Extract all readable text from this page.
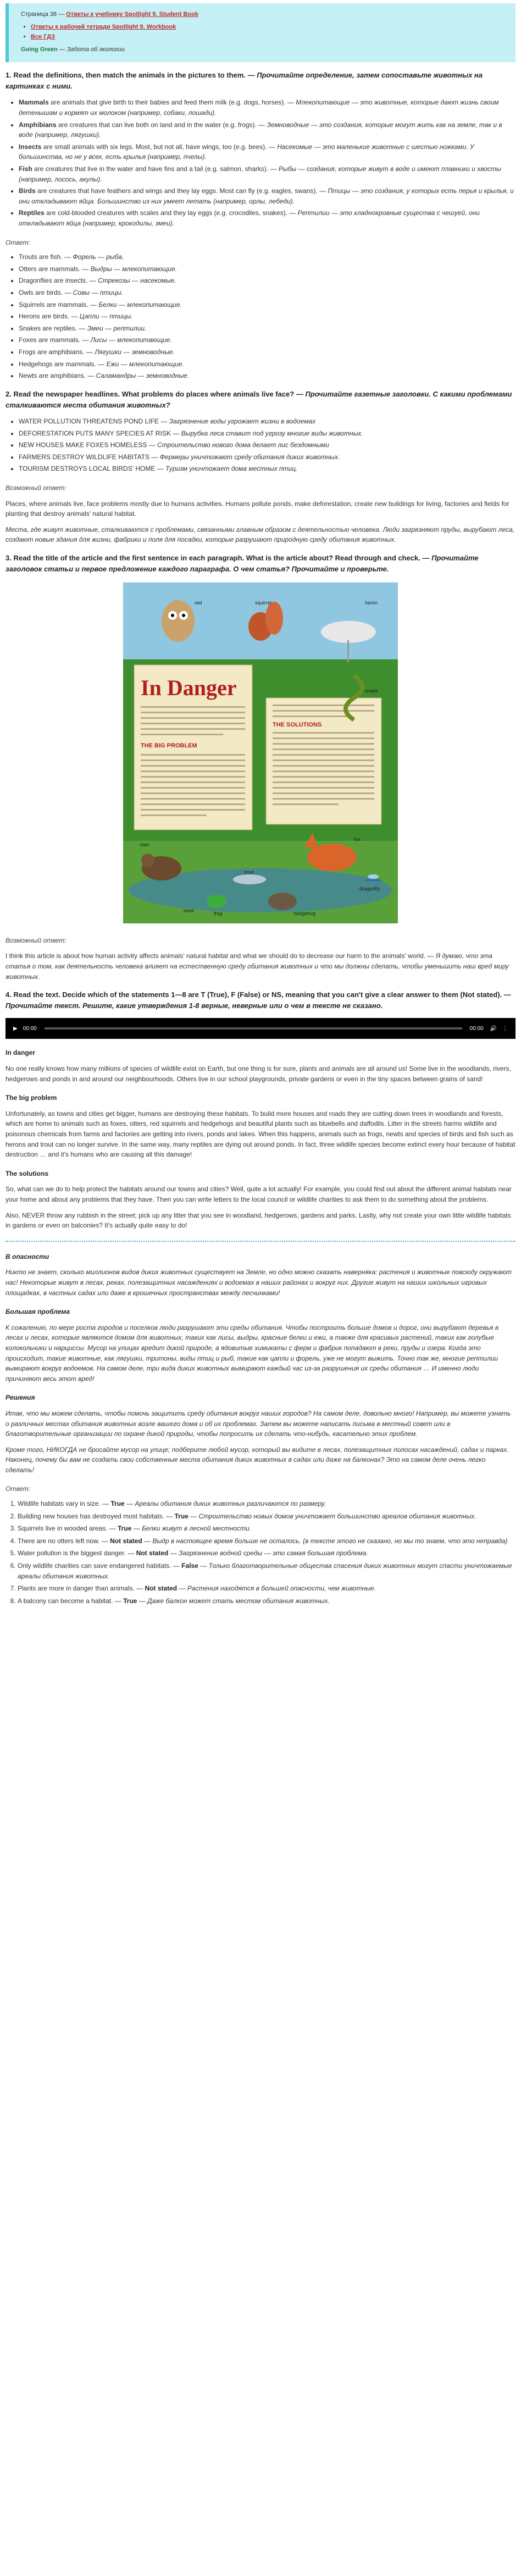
Страница 38 — Ответы к учебнику Spotlight 9. Student Book
• Ответы к рабочей тетради Spotlight 9. Workbook
• Все ГДЗ
Going Green — Забота об экологии
1. Read the definitions, then match the animals in the pictures to them. — Прочитайте определение, затем сопоставьте животных на картинках с ними.
• Mammals are animals that give birth to their babies and feed them milk (e.g. dogs, horses). — Млекопитающие — это животные, которые дают жизнь своим детенышам и кормят их молоком (например, собаки, лошади).
• Amphibians are creatures that can live both on land and in the water (e.g. frogs). — Земноводные — это создания, которые могут жить как на земле, так и в воде (например, лягушки).
• Insects are small animals with six legs. Most, but not all, have wings, too (e.g. bees). — Насекомые — это маленькие животные с шестью ножками. У большинства, но не у всех, есть крылья (например, пчелы).
• Fish are creatures that live in the water and have fins and a tail (e.g. salmon, sharks). — Рыбы — создания, которые живут в воде и имеют плавники и хвосты (например, лосось, акулы).
• Birds are creatures that have feathers and wings and they lay eggs. Most can fly (e.g. eagles, swans). — Птицы — это создания, у которых есть перья и крылья, и они откладывают яйца. Большинство из них умеет летать (например, орлы, лебеди).
• Reptiles are cold-blooded creatures with scales and they lay eggs (e.g. crocodiles, snakes). — Рептилии — это хладнокровные существа с чешуей, они откладывают яйца (например, крокодилы, змеи).
Ответ:
• Trouts are fish. — Форель — рыба.
• Otters are mammals. — Выдры — млекопитающие.
• Dragonflies are insects. — Стрекозы — насекомые.
• Owls are birds. — Совы — птицы.
• Squirrels are mammals. — Белки — млекопитающие.
• Herons are birds. — Цапли — птицы.
• Snakes are reptiles. — Змеи — рептилии.
• Foxes are mammals. — Лисы — млекопитающие.
• Frogs are amphibians. — Лягушки — земноводные.
• Hedgehogs are mammals. — Ежи — млекопитающие.
• Newts are amphibians. — Саламандры — земноводные.
2. Read the newspaper headlines. What problems do places where animals live face? — Прочитайте газетные заголовки. С какими проблемами сталкиваются места обитания животных?
• WATER POLLUTION THREATENS POND LIFE — Загрязнение воды угрожает жизни в водоемах
• DEFORESTATION PUTS MANY SPECIES AT RISK — Вырубка леса ставит под угрозу многие виды животных.
• NEW HOUSES MAKE FOXES HOMELESS — Строительство нового дома делает лис бездомными
• FARMERS DESTROY WILDLIFE HABITATS — Фермеры уничтожают среду обитания диких животных.
• TOURISM DESTROYS LOCAL BIRDS' HOME — Туризм уничтожает дома местных птиц.
Возможный ответ:

Places, where animals live, face problems mostly due to humans activities. Humans pollute ponds, make deforestation, create new buildings for living, factories and fields for planting that destroy animals' natural habitat.

Места, где живут животные, сталкиваются с проблемами, связанными главным образом с деятельностью человека. Люди загрязняют пруды, вырубают леса, создают новые здания для жизни, фабрики и поля для посадки, которые разрушают природную среду обитания животных.

3. Read the title of the article and the first sentence in each paragraph. What is the article about? Read through and check. — Прочитайте заголовок статьи и первое предложение каждого параграфа. О чем статья? Прочитайте и проверьте.
In Danger
THE BIG PROBLEM
THE SOLUTIONS
owl	squirrel	heron
snake
otter
fox
hedgehog
newt	frog
trout
dragonfly
Возможный ответ:

I think this article is about how human activity affects animals' natural habitat and what we should do to decrease our harm to the animals' world. — Я думаю, что эта статья о том, как деятельность человека влияет на естественную среду обитания животных и что мы должны сделать, чтобы уменьшить наш вред миру животных.

4. Read the text. Decide which of the statements 1—8 are T (True), F (False) or NS, meaning that you can't give a clear answer to them (Not stated). — Прочитайте текст. Решите, какие утверждения 1-8 верные, неверные или о чем в тексте не сказано.
▶ 00:00	00:00 🔊 ⋮
In danger

No one really knows how many millions of species of wildlife exist on Earth, but one thing is for sure, plants and animals are all around us! Some live in the woodlands, rivers, hedgerows and ponds in and around our neighbourhoods. Others live in our school playgrounds, private gardens or even in the tiny spaces between grains of sand!

The big problem

Unfortunately, as towns and cities get bigger, humans are destroying these habitats. To build more houses and roads they are cutting down trees in woodlands and forests, which are home to animals such as foxes, otters, red squirrels and hedgehogs and beautiful plants such as bluebells and daffodils. Litter in the streets harms wildlife and poisonous chemicals from farms and factories are getting into rivers, ponds and lakes. When this happens, animals such as frogs, newts and species of birds and fish such as herons and trout can no longer survive. In the same way, many reptiles are dying out around ponds. In fact, three wildlife species become extinct every hour because of habitat destruction … and it's humans who are causing all this damage!

The solutions

So, what can we do to help protect the habitats around our towns and cities? Well, quite a lot actually! For example, you could find out about the different animal habitats near your home and about any problems that they have. Then you can write letters to the local council or wildlife charities to ask them to do something about the problems.

Also, NEVER throw any rubbish in the street; pick up any litter that you see in woodland, hedgerows, gardens and parks. Lastly, why not create your own little wildlife habitats in gardens or even on balconies? It's actually quite easy to do!

В опасности

Никто не знает, сколько миллионов видов диких животных существует на Земле, но одно можно сказать наверняка: растения и животные повсюду окружают нас! Некоторые живут в лесах, реках, полезащитных насаждениях и водоемах в наших районах и вокруг них. Другие живут на наших школьных игровых площадках, в частных садах или даже в крошечных пространствах между песчинками!

Большая проблема

К сожалению, по мере роста городов и поселков люди разрушают эти среды обитания. Чтобы построить больше домов и дорог, они вырубают деревья в лесах и лесах, которые являются домом для животных, таких как лисы, выдры, красные белки и ежи, а также для красивых растений, таких как голубые колокольчики и нарциссы. Мусор на улицах вредит дикой природе, а ядовитые химикаты с ферм и фабрик попадают в реки, пруды и озера. Когда это происходит, такие животные, как лягушки, тритоны, виды птиц и рыб, такие как цапли и форель, уже не могут выжить. Точно так же, многие рептилии вымирают вокруг водоемов. На самом деле, три вида диких животных вымирают каждый час из-за разрушения их среды обитания … И именно люди причиняют весь этот вред!

Решения

Итак, что мы можем сделать, чтобы помочь защитить среду обитания вокруг наших городов? На самом деле, довольно много! Например, вы можете узнать о различных местах обитания животных возле вашего дома и об их проблемах. Затем вы можете написать письма в местный совет или в благотворительные организации по охране дикой природы, чтобы попросить их сделать что-нибудь, касательно этих проблем.

Кроме того, НИКОГДА не бросайте мусор на улице; подберите любой мусор, который вы видите в лесах, полезащитных полосах насаждений, садах и парках. Наконец, почему бы вам не создать свои собственные места обитания диких животных в садах или даже на балконах? Это на самом деле очень легко сделать!

Ответ:
1. Wildlife habitats vary in size. — True — Ареалы обитания диких животных различаются по размеру.
2. Building new houses has destroyed most habitats. — True — Строительство новых домов уничтожает большинство ареалов обитания животных.
3. Squirrels live in wooded areas. — True — Белки живут в лесной местности.
4. There are no otters left now. — Not stated — Выдр в настоящее время больше не осталось. (в тексте этого не сказано, но мы то знаем, что это неправда)
5. Water pollution is the biggest danger. — Not stated — Загрязнение водной среды — это самая большая проблема.
6. Only wildlife charities can save endangered habitats. — False — Только благотворительные общества спасения диких животных могут спасти уничтожаемые ареалы обитания животных.
7. Plants are more in danger than animals. — Not stated — Растения находятся в большей опасности, чем животные.
8. A balcony can become a habitat. — True — Даже балкон может стать местом обитания животных.
